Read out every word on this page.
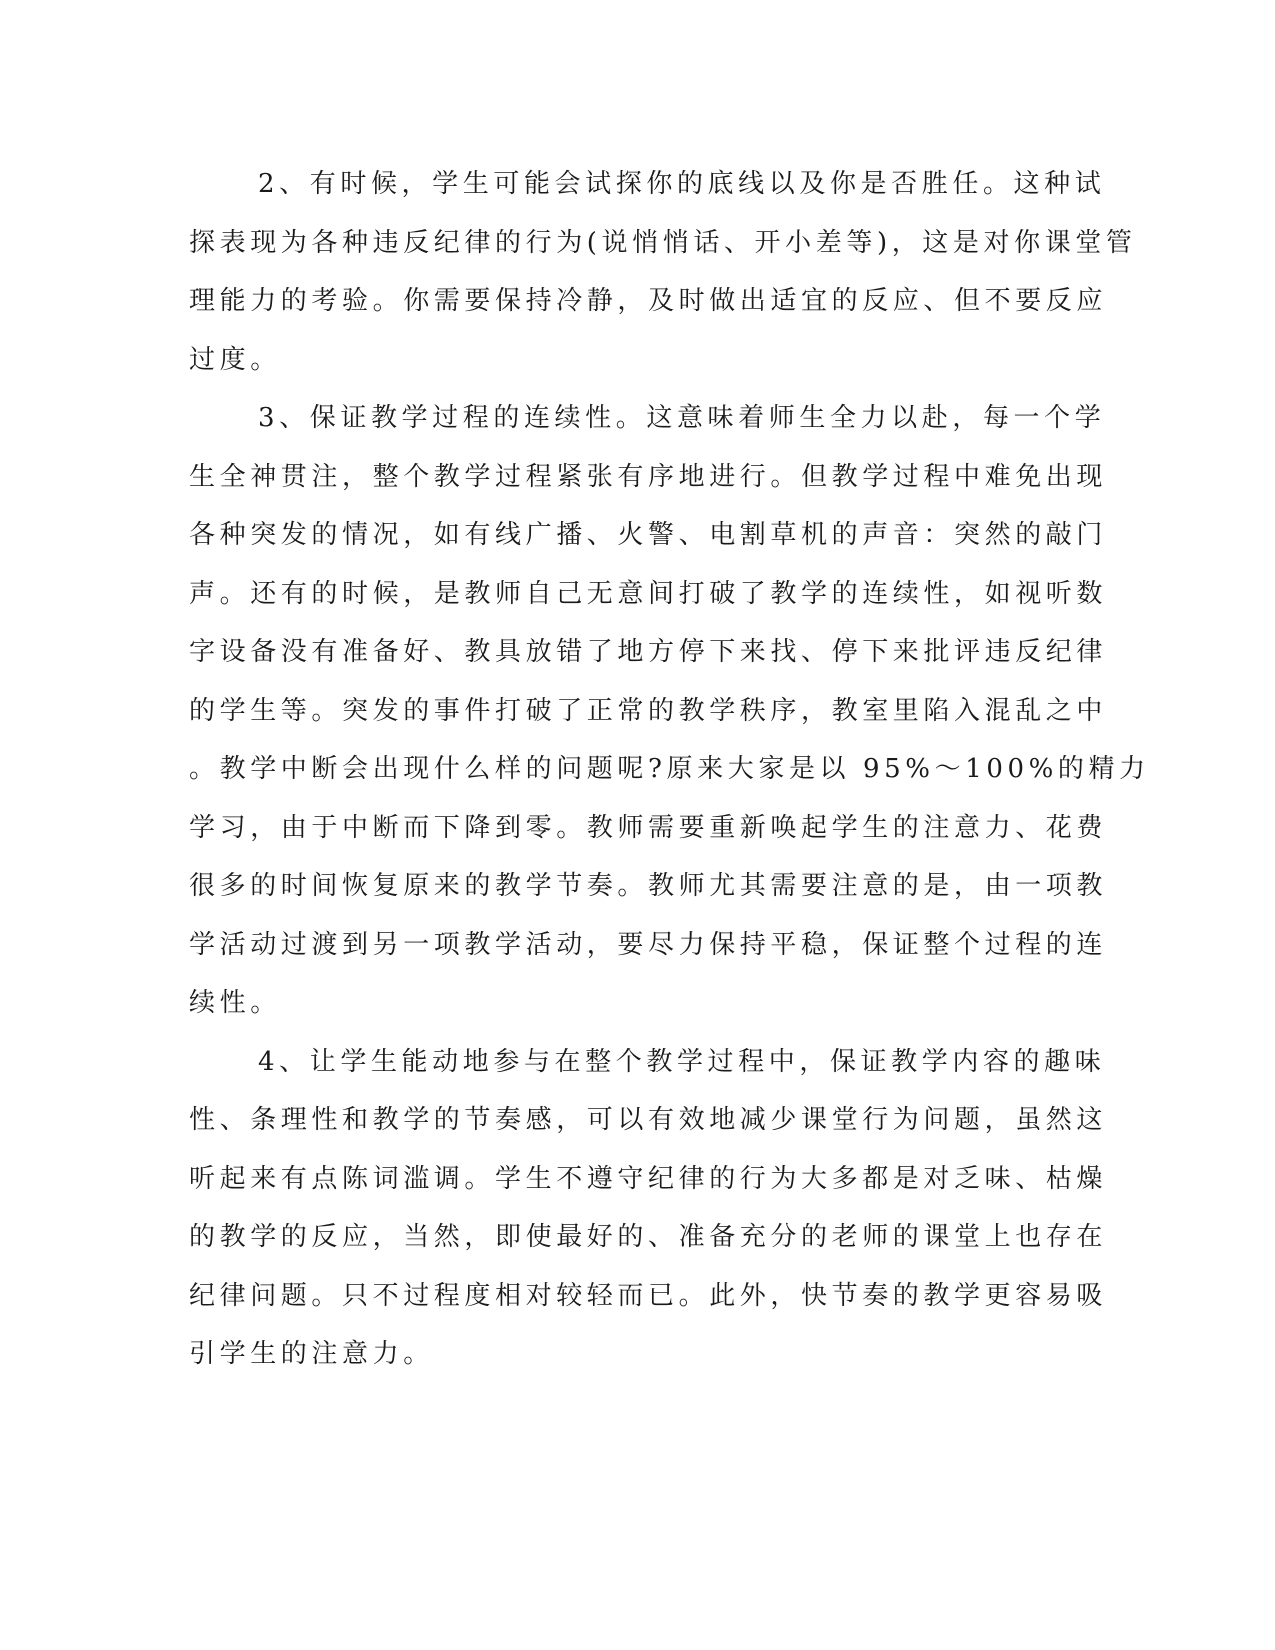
2、有时候，学生可能会试探你的底线以及你是否胜任。这种试
探表现为各种违反纪律的行为(说悄悄话、开小差等)，这是对你课堂管
理能力的考验。你需要保持冷静，及时做出适宜的反应、但不要反应
过度。
3、保证教学过程的连续性。这意味着师生全力以赴，每一个学
生全神贯注，整个教学过程紧张有序地进行。但教学过程中难免出现
各种突发的情况，如有线广播、火警、电割草机的声音：突然的敲门
声。还有的时候，是教师自己无意间打破了教学的连续性，如视听数
字设备没有准备好、教具放错了地方停下来找、停下来批评违反纪律
的学生等。突发的事件打破了正常的教学秩序，教室里陷入混乱之中
。教学中断会出现什么样的问题呢?原来大家是以 95%～100%的精力
学习，由于中断而下降到零。教师需要重新唤起学生的注意力、花费
很多的时间恢复原来的教学节奏。教师尤其需要注意的是，由一项教
学活动过渡到另一项教学活动，要尽力保持平稳，保证整个过程的连
续性。
4、让学生能动地参与在整个教学过程中，保证教学内容的趣味
性、条理性和教学的节奏感，可以有效地减少课堂行为问题，虽然这
听起来有点陈词滥调。学生不遵守纪律的行为大多都是对乏味、枯燥
的教学的反应，当然，即使最好的、准备充分的老师的课堂上也存在
纪律问题。只不过程度相对较轻而已。此外，快节奏的教学更容易吸
引学生的注意力。
